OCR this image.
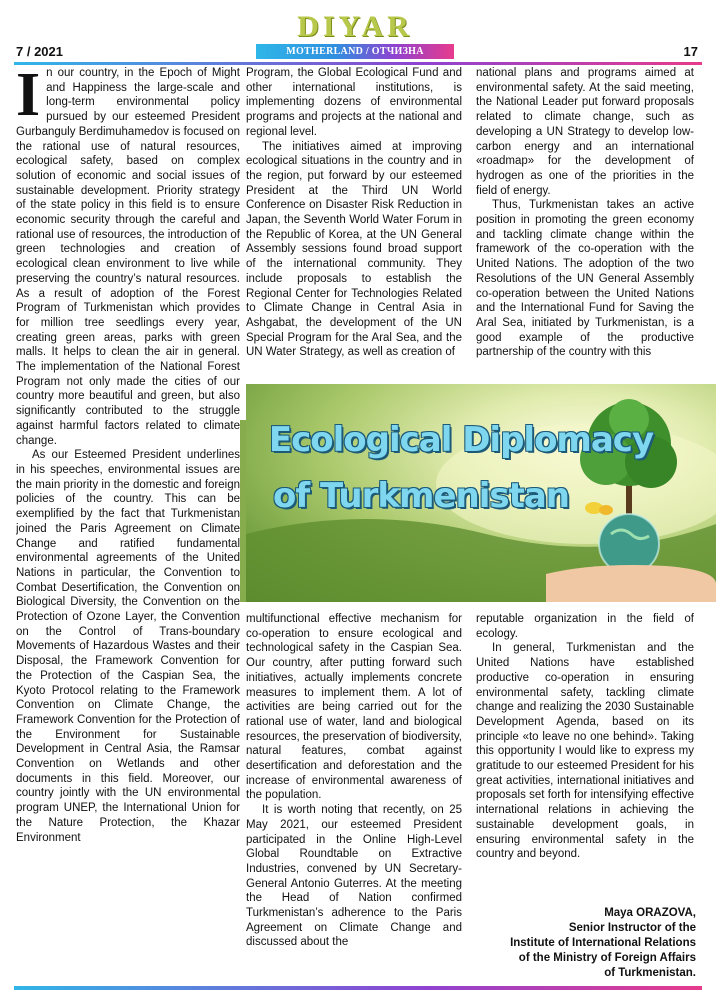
7 / 2021	17
DIYAR
MOTHERLAND / ОТЧИЗНА

In our country, in the Epoch of Might and Happiness the large-scale and long-term environmental policy pursued by our esteemed President Gurbanguly Berdimuhamedov is focused on the rational use of natural resources, ecological safety, based on complex solution of economic and social issues of sustainable development. Priority strategy of the state policy in this field is to ensure economic security through the careful and rational use of resources, the introduction of green technologies and creation of ecological clean environment to live while preserving the country’s natural resources. As a result of adoption of the Forest Program of Turkmenistan which provides for million tree seedlings every year, creating green areas, parks with green malls. It helps to clean the air in general. The implementation of the National Forest Program not only made the cities of our country more beautiful and green, but also significantly contributed to the struggle against harmful factors related to climate change.

As our Esteemed President underlines in his speeches, environmental issues are the main priority in the domestic and foreign policies of the country. This can be exemplified by the fact that Turkmenistan joined the Paris Agreement on Climate Change and ratified fundamental environmental agreements of the United Nations in particular, the Convention to Combat Desertification, the Convention on Biological Diversity, the Convention on the Protection of Ozone Layer, the Convention on the Control of Trans-boundary Movements of Hazardous Wastes and their Disposal, the Framework Convention for the Protection of the Caspian Sea, the Kyoto Protocol relating to the Framework Convention on Climate Change, the Framework Convention for the Protection of the Environment for Sustainable Development in Central Asia, the Ramsar Convention on Wetlands and other documents in this field. Moreover, our country jointly with the UN environmental program UNEP, the International Union for the Nature Protection, the Khazar Environment

Program, the Global Ecological Fund and other international institutions, is implementing dozens of environmental programs and projects at the national and regional level.

The initiatives aimed at improving ecological situations in the country and in the region, put forward by our esteemed President at the Third UN World Conference on Disaster Risk Reduction in Japan, the Seventh World Water Forum in the Republic of Korea, at the UN General Assembly sessions found broad support of the international community. They include proposals to establish the Regional Center for Technologies Related to Climate Change in Central Asia in Ashgabat, the development of the UN Special Program for the Aral Sea, and the UN Water Strategy, as well as creation of

national plans and programs aimed at environmental safety. At the said meeting, the National Leader put forward proposals related to climate change, such as developing a UN Strategy to develop low-carbon energy and an international «roadmap» for the development of hydrogen as one of the priorities in the field of energy.

Thus, Turkmenistan takes an active position in promoting the green economy and tackling climate change within the framework of the co-operation with the United Nations. The adoption of the two Resolutions of the UN General Assembly co-operation between the United Nations and the International Fund for Saving the Aral Sea, initiated by Turkmenistan, is a good example of the productive partnership of the country with this

Ecological Diplomacy
of Turkmenistan

multifunctional effective mechanism for co-operation to ensure ecological and technological safety in the Caspian Sea. Our country, after putting forward such initiatives, actually implements concrete measures to implement them. A lot of activities are being carried out for the rational use of water, land and biological resources, the preservation of biodiversity, natural features, combat against desertification and deforestation and the increase of environmental awareness of the population.

It is worth noting that recently, on 25 May 2021, our esteemed President participated in the Online High-Level Global Roundtable on Extractive Industries, convened by UN Secretary-General Antonio Guterres. At the meeting the Head of Nation confirmed Turkmenistan’s adherence to the Paris Agreement on Climate Change and discussed about the

reputable organization in the field of ecology.

In general, Turkmenistan and the United Nations have established productive co-operation in ensuring environmental safety, tackling climate change and realizing the 2030 Sustainable Development Agenda, based on its principle «to leave no one behind». Taking this opportunity I would like to express my gratitude to our esteemed President for his great activities, international initiatives and proposals set forth for intensifying effective international relations in achieving the sustainable development goals, in ensuring environmental safety in the country and beyond.

Maya ORAZOVA,
Senior Instructor of the
Institute of International Relations
of the Ministry of Foreign Affairs
of Turkmenistan.
